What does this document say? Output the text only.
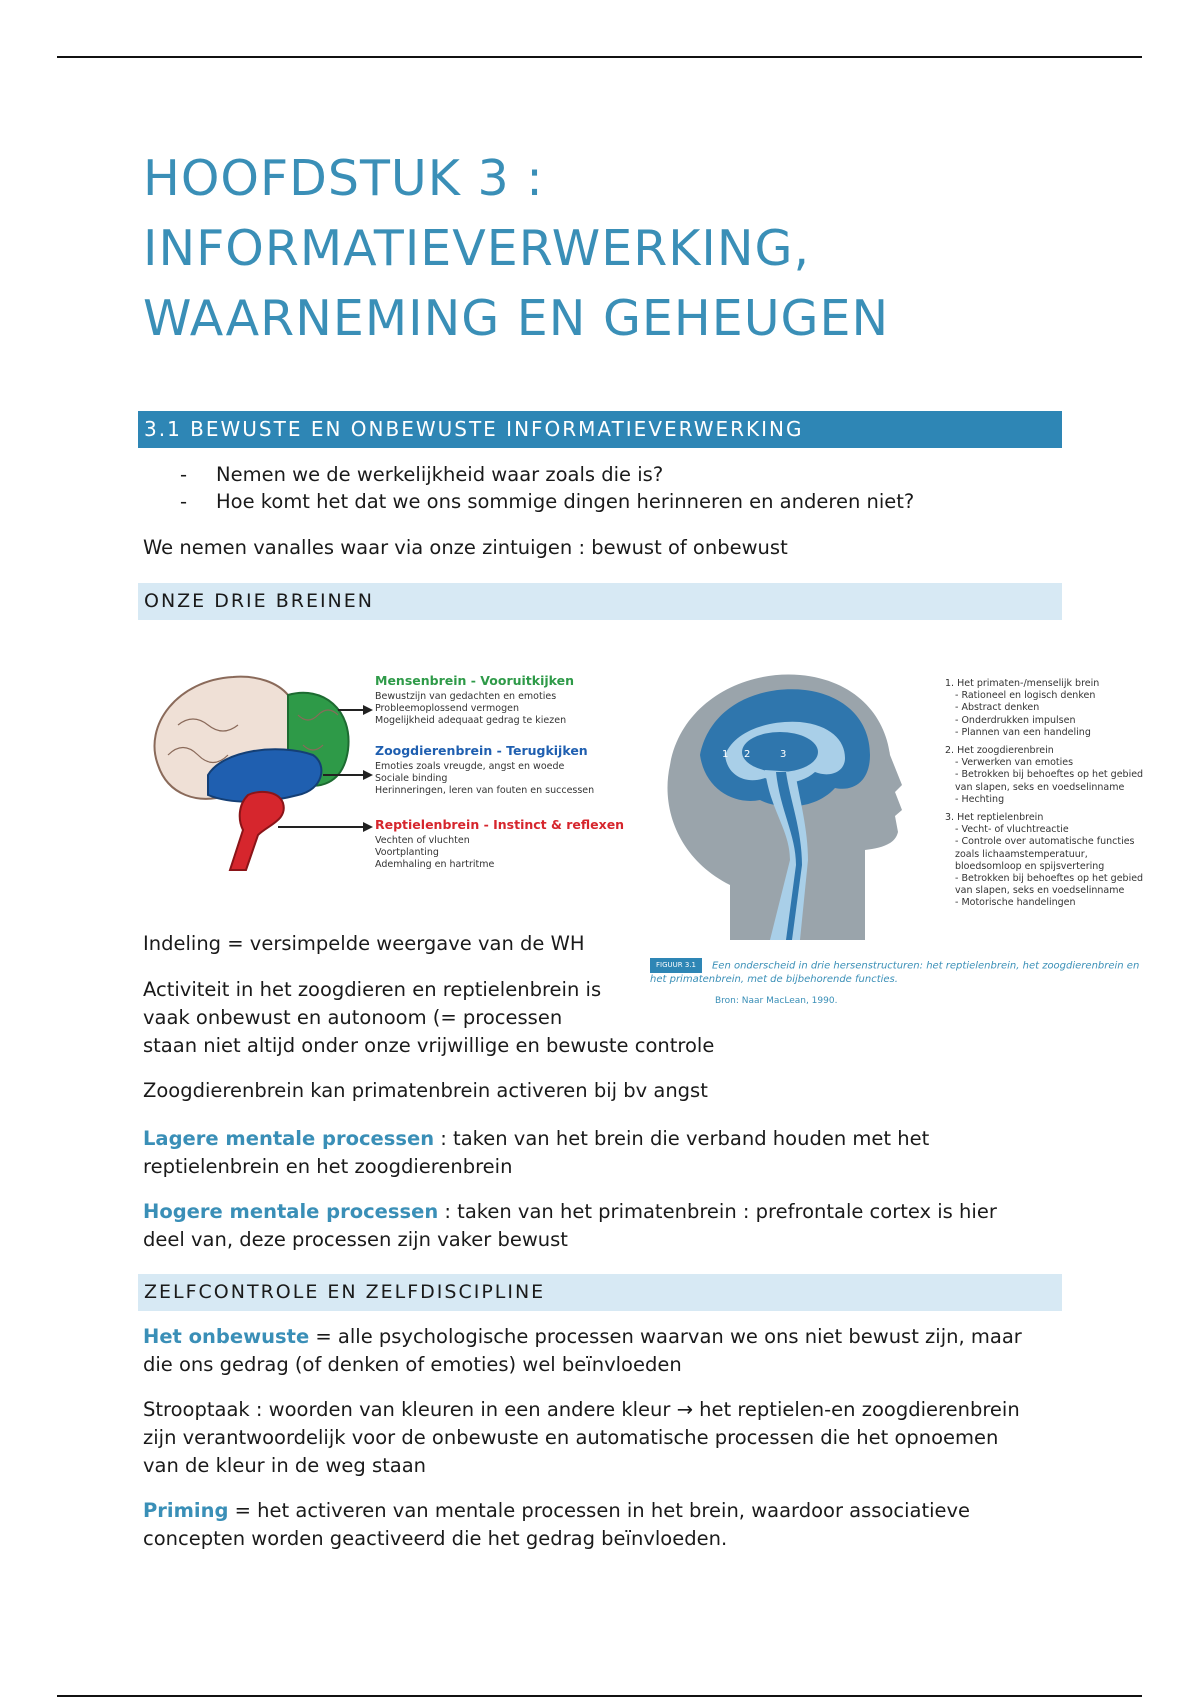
HOOFDSTUK 3 :
INFORMATIEVERWERKING,
WAARNEMING EN GEHEUGEN
3.1 BEWUSTE EN ONBEWUSTE INFORMATIEVERWERKING
- Nemen we de werkelijkheid waar zoals die is?
- Hoe komt het dat we ons sommige dingen herinneren en anderen niet?

We nemen vanalles waar via onze zintuigen : bewust of onbewust

ONZE DRIE BREINEN

Mensenbrein - Vooruitkijken

Bewustzijn van gedachten en emoties

Probleemoplossend vermogen

Mogelijkheid adequaat gedrag te kiezen

Zoogdierenbrein - Terugkijken

Emoties zoals vreugde, angst en woede

Sociale binding

Herinneringen, leren van fouten en successen

Reptielenbrein - Instinct & reflexen

Vechten of vluchten

Voortplanting

Ademhaling en hartritme

1 2	3
1. Het primaten-/menselijk brein
- Rationeel en logisch denken
- Abstract denken
- Onderdrukken impulsen
- Plannen van een handeling
2. Het zoogdierenbrein
- Verwerken van emoties
- Betrokken bij behoeftes op het gebied van slapen, seks en voedselinname
- Hechting
3. Het reptielenbrein
- Vecht- of vluchtreactie
- Controle over automatische functies zoals lichaamstemperatuur, bloedsomloop en spijsvertering
- Betrokken bij behoeftes op het gebied van slapen, seks en voedselinname
- Motorische handelingen
FIGUUR 3.1 Een onderscheid in drie hersenstructuren: het reptielenbrein, het zoogdierenbrein en het primatenbrein, met de bijbehorende functies.
Bron: Naar MacLean, 1990.

Indeling = versimpelde weergave van de WH

Activiteit in het zoogdieren en reptielenbrein is
vaak onbewust en autonoom (= processen
staan niet altijd onder onze vrijwillige en bewuste controle

Zoogdierenbrein kan primatenbrein activeren bij bv angst

Lagere mentale processen : taken van het brein die verband houden met het
reptielenbrein en het zoogdierenbrein

Hogere mentale processen : taken van het primatenbrein : prefrontale cortex is hier
deel van, deze processen zijn vaker bewust

ZELFCONTROLE EN ZELFDISCIPLINE

Het onbewuste = alle psychologische processen waarvan we ons niet bewust zijn, maar
die ons gedrag (of denken of emoties) wel beïnvloeden

Strooptaak : woorden van kleuren in een andere kleur → het reptielen-en zoogdierenbrein
zijn verantwoordelijk voor de onbewuste en automatische processen die het opnoemen
van de kleur in de weg staan

Priming = het activeren van mentale processen in het brein, waardoor associatieve
concepten worden geactiveerd die het gedrag beïnvloeden.
